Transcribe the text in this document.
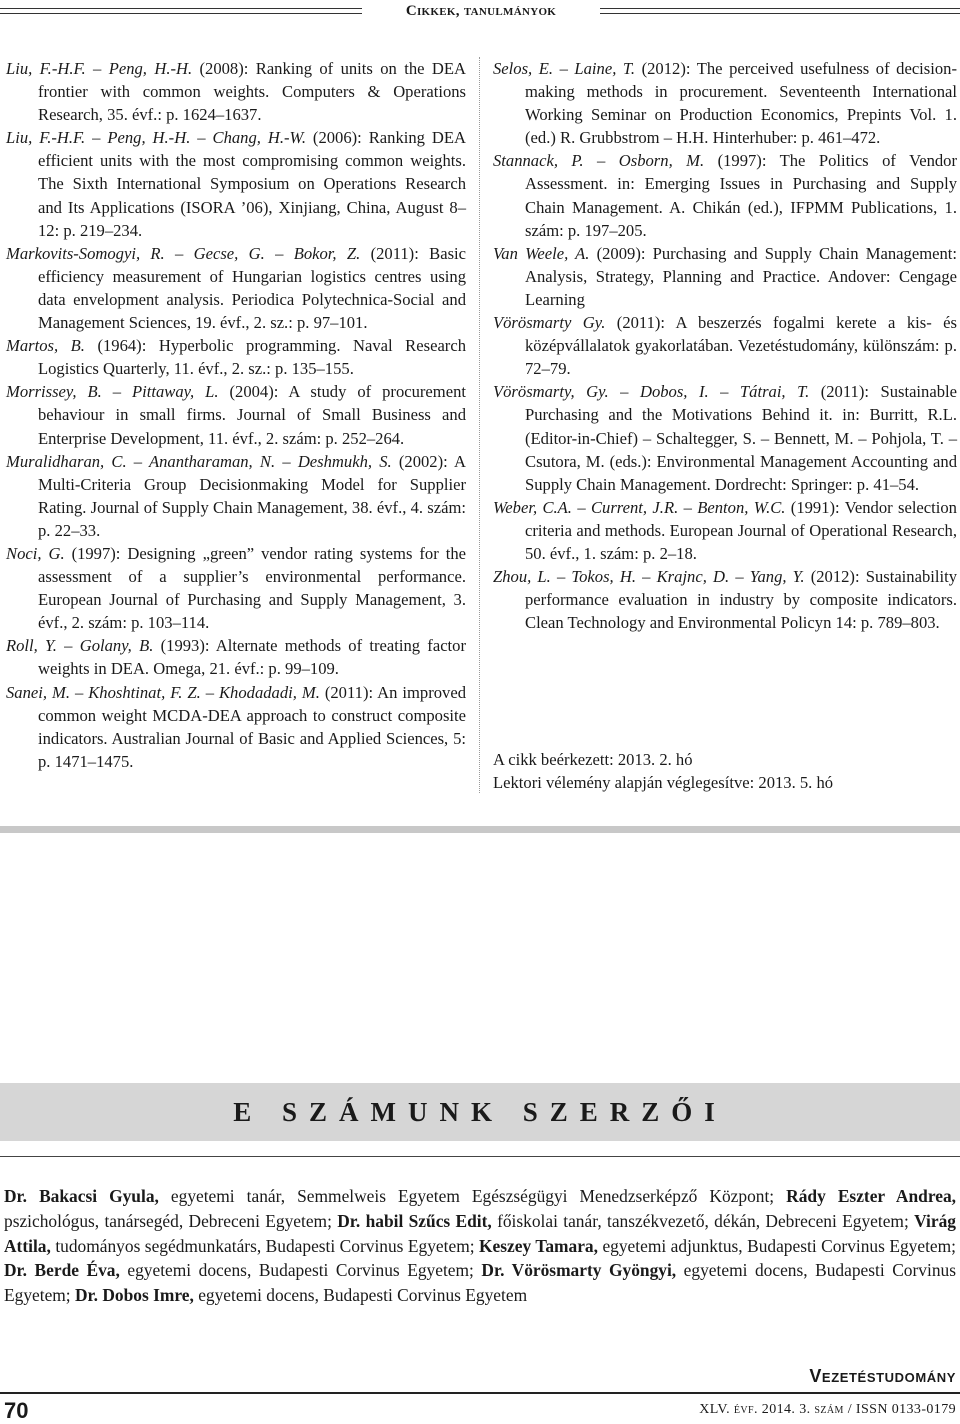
Cikkek, tanulmányok

Liu, F.-H.F. – Peng, H.-H. (2008): Ranking of units on the DEA frontier with common weights. Computers & Operations Research, 35. évf.: p. 1624–1637.

Liu, F.-H.F. – Peng, H.-H. – Chang, H.-W. (2006): Ranking DEA efficient units with the most compromising common weights. The Sixth International Symposium on Operations Research and Its Applications (ISORA ’06), Xinjiang, China, August 8–12: p. 219–234.

Markovits-Somogyi, R. – Gecse, G. – Bokor, Z. (2011): Basic efficiency measurement of Hungarian logistics centres using data envelopment analysis. Periodica Polytechnica-Social and Management Sciences, 19. évf., 2. sz.: p. 97–101.

Martos, B. (1964): Hyperbolic programming. Naval Research Logistics Quarterly, 11. évf., 2. sz.: p. 135–155.

Morrissey, B. – Pittaway, L. (2004): A study of procurement behaviour in small firms. Journal of Small Business and Enterprise Development, 11. évf., 2. szám: p. 252–264.

Muralidharan, C. – Anantharaman, N. – Deshmukh, S. (2002): A Multi-Criteria Group Decisionmaking Model for Supplier Rating. Journal of Supply Chain Management, 38. évf., 4. szám: p. 22–33.

Noci, G. (1997): Designing „green” vendor rating systems for the assessment of a supplier’s environmental performance. European Journal of Purchasing and Supply Management, 3. évf., 2. szám: p. 103–114.

Roll, Y. – Golany, B. (1993): Alternate methods of treating factor weights in DEA. Omega, 21. évf.: p. 99–109.

Sanei, M. – Khoshtinat, F. Z. – Khodadadi, M. (2011): An improved common weight MCDA-DEA approach to construct composite indicators. Australian Journal of Basic and Applied Sciences, 5: p. 1471–1475.

Selos, E. – Laine, T. (2012): The perceived usefulness of decision-making methods in procurement. Seventeenth International Working Seminar on Production Economics, Prepints Vol. 1. (ed.) R. Grubbstrom – H.H. Hinterhuber: p. 461–472.

Stannack, P. – Osborn, M. (1997): The Politics of Vendor Assessment. in: Emerging Issues in Purchasing and Supply Chain Management. A. Chikán (ed.), IFPMM Publications, 1. szám: p. 197–205.

Van Weele, A. (2009): Purchasing and Supply Chain Management: Analysis, Strategy, Planning and Practice. Andover: Cengage Learning

Vörösmarty Gy. (2011): A beszerzés fogalmi kerete a kis- és középvállalatok gyakorlatában. Vezetéstudomány, különszám: p. 72–79.

Vörösmarty, Gy. – Dobos, I. – Tátrai, T. (2011): Sustainable Purchasing and the Motivations Behind it. in: Burritt, R.L. (Editor-in-Chief) – Schaltegger, S. – Bennett, M. – Pohjola, T. – Csutora, M. (eds.): Environmental Management Accounting and Supply Chain Management. Dordrecht: Springer: p. 41–54.

Weber, C.A. – Current, J.R. – Benton, W.C. (1991): Vendor selection criteria and methods. European Journal of Operational Research, 50. évf., 1. szám: p. 2–18.

Zhou, L. – Tokos, H. – Krajnc, D. – Yang, Y. (2012): Sustainability performance evaluation in industry by composite indicators. Clean Technology and Environmental Policyn 14: p. 789–803.

A cikk beérkezett: 2013. 2. hó
Lektori vélemény alapján véglegesítve: 2013. 5. hó
E SZÁMUNK SZERZŐI
Dr. Bakacsi Gyula, egyetemi tanár, Semmelweis Egyetem Egészségügyi Menedzserképző Központ; Rády Eszter Andrea, pszichológus, tanársegéd, Debreceni Egyetem; Dr. habil Szűcs Edit, főiskolai tanár, tanszékvezető, dékán, Debreceni Egyetem; Virág Attila, tudományos segédmunkatárs, Budapesti Corvinus Egyetem; Keszey Tamara, egyetemi adjunktus, Budapesti Corvinus Egyetem; Dr. Berde Éva, egyetemi docens, Budapesti Corvinus Egyetem; Dr. Vörösmarty Gyöngyi, egyetemi docens, Budapesti Corvinus Egyetem; Dr. Dobos Imre, egyetemi docens, Budapesti Corvinus Egyetem
Vezetéstudomány
70	XLV. évf. 2014. 3. szám / ISSN 0133-0179
